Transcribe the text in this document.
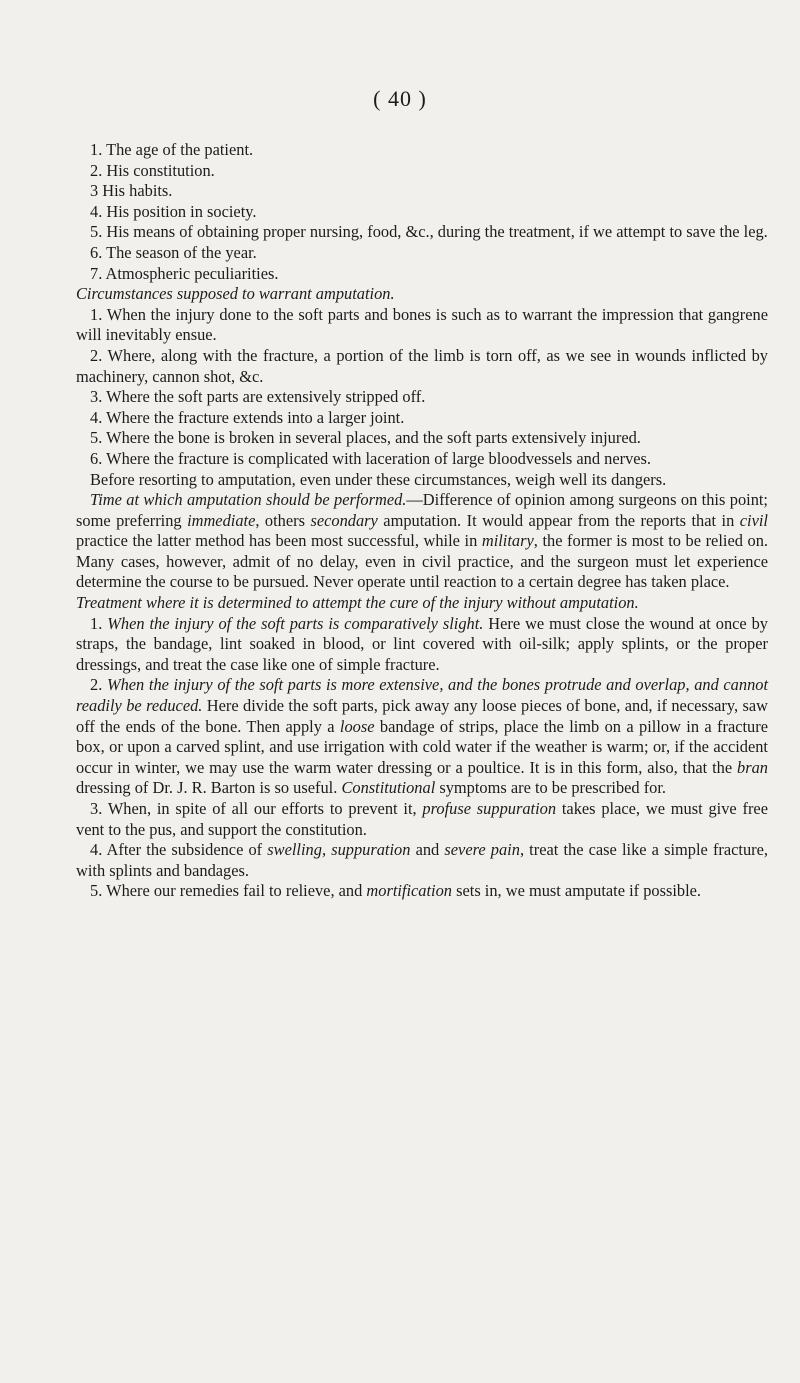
( 40 )

1. The age of the patient.

2. His constitution.

3 His habits.

4. His position in society.

5. His means of obtaining proper nursing, food, &c., during the treatment, if we attempt to save the leg.

6. The season of the year.

7. Atmospheric peculiarities.

Circumstances supposed to warrant amputation.

1. When the injury done to the soft parts and bones is such as to warrant the impression that gangrene will inevitably ensue.

2. Where, along with the fracture, a portion of the limb is torn off, as we see in wounds inflicted by machinery, cannon shot, &c.

3. Where the soft parts are extensively stripped off.

4. Where the fracture extends into a larger joint.

5. Where the bone is broken in several places, and the soft parts extensively injured.

6. Where the fracture is complicated with laceration of large bloodvessels and nerves.

Before resorting to amputation, even under these circumstances, weigh well its dangers.

Time at which amputation should be performed.—Difference of opinion among surgeons on this point; some preferring immediate, others secondary amputation. It would appear from the reports that in civil practice the latter method has been most successful, while in military, the former is most to be relied on. Many cases, however, admit of no delay, even in civil practice, and the surgeon must let experience determine the course to be pursued. Never operate until reaction to a certain degree has taken place.

Treatment where it is determined to attempt the cure of the injury without amputation.

1. When the injury of the soft parts is comparatively slight. Here we must close the wound at once by straps, the bandage, lint soaked in blood, or lint covered with oil-silk; apply splints, or the proper dressings, and treat the case like one of simple fracture.

2. When the injury of the soft parts is more extensive, and the bones protrude and overlap, and cannot readily be reduced. Here divide the soft parts, pick away any loose pieces of bone, and, if necessary, saw off the ends of the bone. Then apply a loose bandage of strips, place the limb on a pillow in a fracture box, or upon a carved splint, and use irrigation with cold water if the weather is warm; or, if the accident occur in winter, we may use the warm water dressing or a poultice. It is in this form, also, that the bran dressing of Dr. J. R. Barton is so useful. Constitutional symptoms are to be prescribed for.

3. When, in spite of all our efforts to prevent it, profuse suppuration takes place, we must give free vent to the pus, and support the constitution.

4. After the subsidence of swelling, suppuration and severe pain, treat the case like a simple fracture, with splints and bandages.

5. Where our remedies fail to relieve, and mortification sets in, we must amputate if possible.
